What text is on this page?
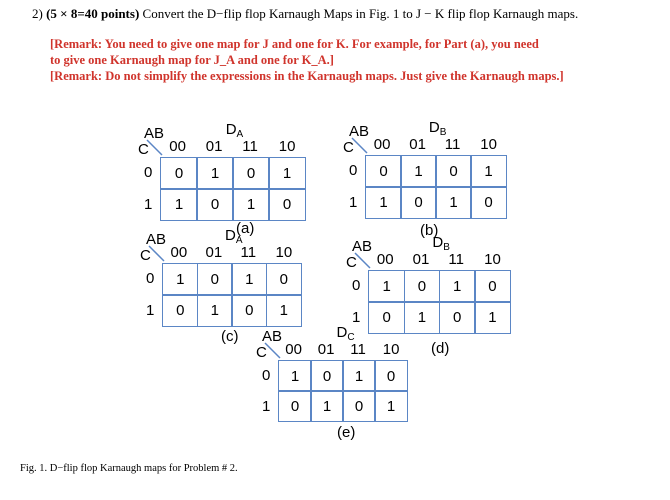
2) (5 × 8=40 points) Convert the D−flip flop Karnaugh Maps in Fig. 1 to J − K flip flop Karnaugh maps.
[Remark: You need to give one map for J and one for K. For example, for Part (a), you need
to give one Karnaugh map for J_A and one for K_A.]
[Remark: Do not simplify the expressions in the Karnaugh maps. Just give the Karnaugh maps.]
$D_A$
AB
C 00 01 11 10
0
1
0	1	0	1
1	0	1	0
(a)
$D_B$
AB
C 00 01 11 10
0
1
0	1	0	1
1	0	1	0
(b)
$D_A$
AB
C 00 01 11 10
0
1
1	0	1	0
0	1	0	1
(c)
$D_B$
AB
C 00 01 11 10
0
1
1	0	1	0
0	1	0	1
(d)
$D_C$
AB
C 00 01 11 10
0
1
1	0	1	0
0	1	0	1
(e)
Fig. 1. D−flip flop Karnaugh maps for Problem # 2.
